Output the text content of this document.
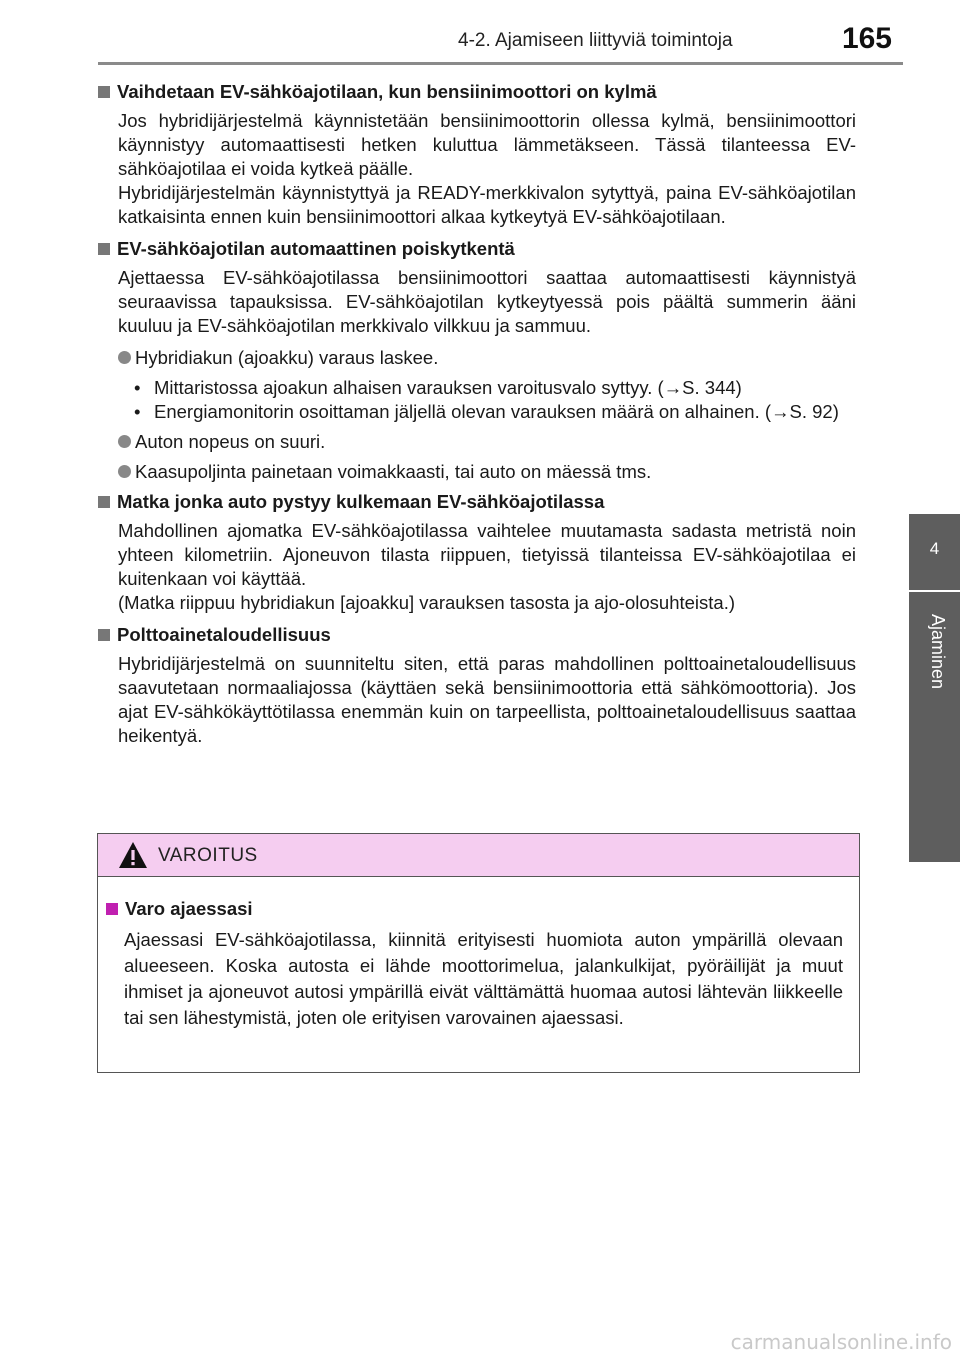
4-2. Ajamiseen liittyviä toimintoja	165
4
Ajaminen
Vaihdetaan EV-sähköajotilaan, kun bensiinimoottori on kylmä

Jos hybridijärjestelmä käynnistetään bensiinimoottorin ollessa kylmä, bensiinimoottori käynnistyy automaattisesti hetken kuluttua lämmetäkseen. Tässä tilanteessa EV-sähköajotilaa ei voida kytkeä päälle.

Hybridijärjestelmän käynnistyttyä ja READY-merkkivalon sytyttyä, paina EV-sähköajotilan katkaisinta ennen kuin bensiinimoottori alkaa kytkeytyä EV-sähköajotilaan.

EV-sähköajotilan automaattinen poiskytkentä

Ajettaessa EV-sähköajotilassa bensiinimoottori saattaa automaattisesti käynnistyä seuraavissa tapauksissa. EV-sähköajotilan kytkeytyessä pois päältä summerin ääni kuuluu ja EV-sähköajotilan merkkivalo vilkkuu ja sammuu.

Hybridiakun (ajoakku) varaus laskee.
• Mittaristossa ajoakun alhaisen varauksen varoitusvalo syttyy. (→S. 344)
• Energiamonitorin osoittaman jäljellä olevan varauksen määrä on alhainen. (→S. 92)
Auton nopeus on suuri.
Kaasupoljinta painetaan voimakkaasti, tai auto on mäessä tms.
Matka jonka auto pystyy kulkemaan EV-sähköajotilassa

Mahdollinen ajomatka EV-sähköajotilassa vaihtelee muutamasta sadasta metristä noin yhteen kilometriin. Ajoneuvon tilasta riippuen, tietyissä tilanteissa EV-sähköajotilaa ei kuitenkaan voi käyttää.

(Matka riippuu hybridiakun [ajoakku] varauksen tasosta ja ajo-olosuhteista.)

Polttoainetaloudellisuus

Hybridijärjestelmä on suunniteltu siten, että paras mahdollinen polttoainetaloudellisuus saavutetaan normaaliajossa (käyttäen sekä bensiinimoottoria että sähkömoottoria). Jos ajat EV-sähkökäyttötilassa enemmän kuin on tarpeellista, polttoainetaloudellisuus saattaa heikentyä.

VAROITUS
Varo ajaessasi
Ajaessasi EV-sähköajotilassa, kiinnitä erityisesti huomiota auton ympärillä olevaan alueeseen. Koska autosta ei lähde moottorimelua, jalankulkijat, pyöräilijät ja muut ihmiset ja ajoneuvot autosi ympärillä eivät välttämättä huomaa autosi lähtevän liikkeelle tai sen lähestymistä, joten ole erityisen varovainen ajaessasi.
carmanualsonline.info
